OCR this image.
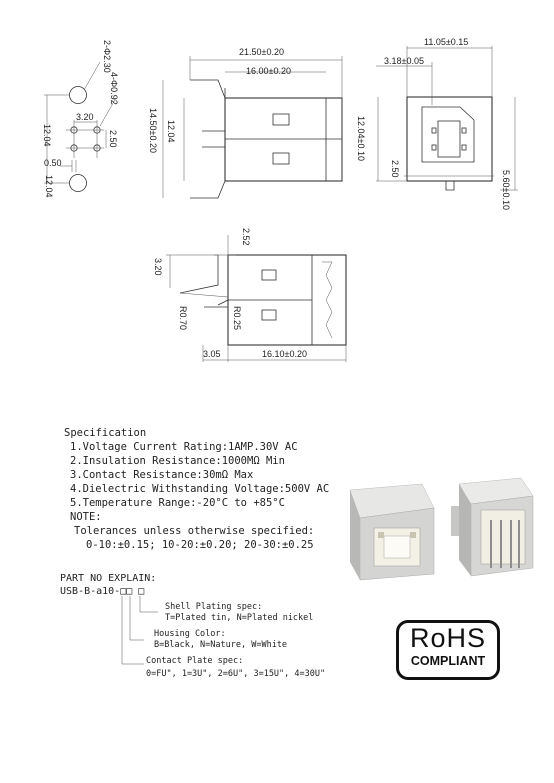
2-Φ2.30
4-Φ0.92
3.20
2.50
12.04
0.50
12.04
21.50±0.20
16.00±0.20
14.50±0.20 12.04
11.05±0.15
3.18±0.05
12.04±0.10
2.50
5.60±0.10
2.52
3.20
R0.70	R0.25
3.05	16.10±0.20
Specification
1.Voltage Current Rating:1AMP.30V AC
2.Insulation Resistance:1000MΩ Min
3.Contact Resistance:30mΩ Max
4.Dielectric Withstanding Voltage:500V AC
5.Temperature Range:-20°C to +85°C
NOTE:
Tolerances unless otherwise specified:
0-10:±0.15; 10-20:±0.20; 20-30:±0.25
PART NO EXPLAIN:
USB-B-a10-□□ □
Shell Plating spec:
T=Plated tin, N=Plated nickel
Housing Color:
B=Black, N=Nature, W=White
Contact Plate spec:
0=FU", 1=3U", 2=6U", 3=15U", 4=30U"
RoHS
COMPLIANT
